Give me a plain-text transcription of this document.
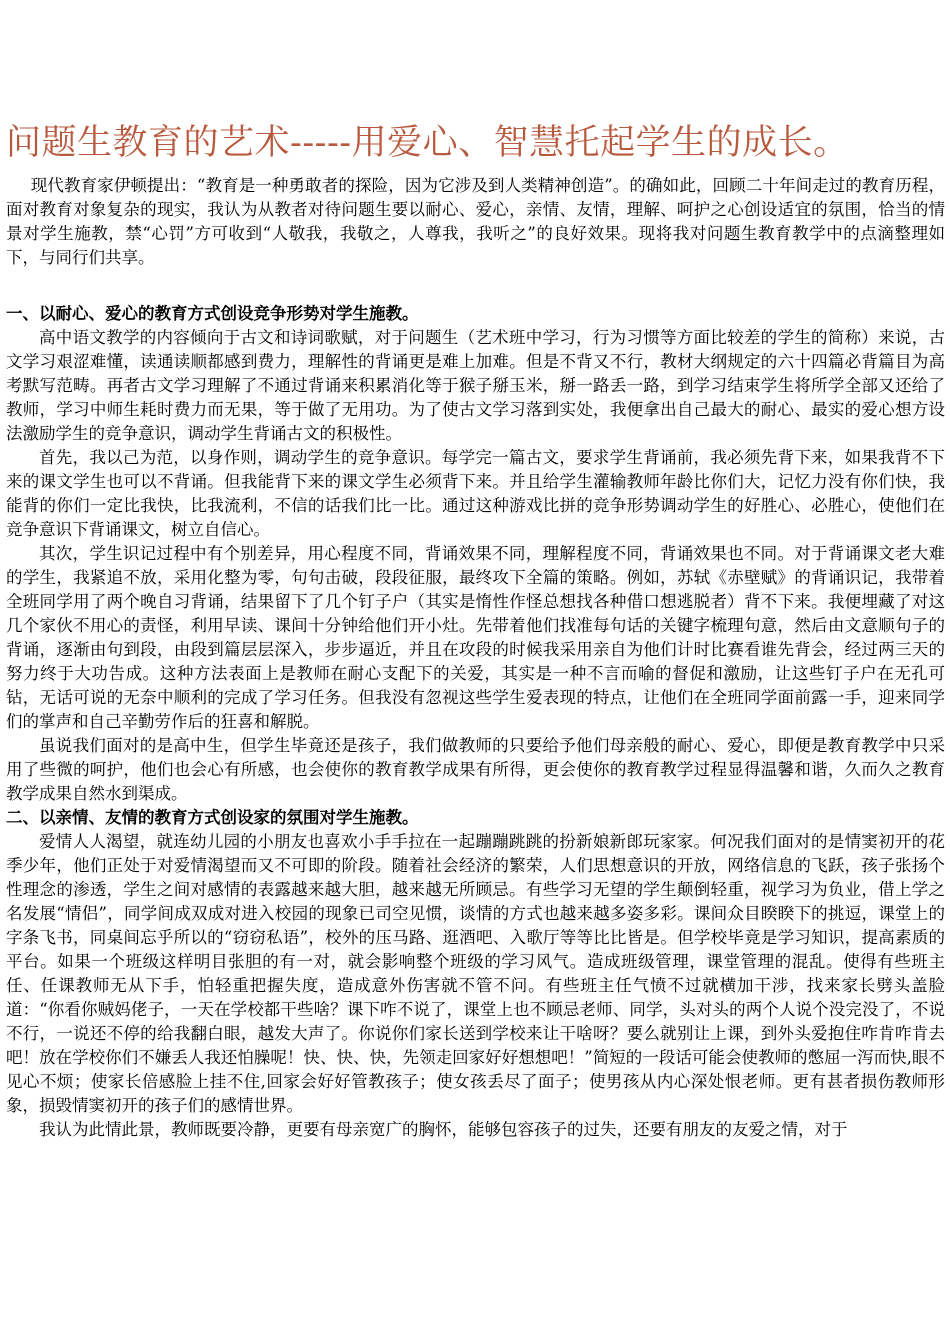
问题生教育的艺术-----用爱心、智慧托起学生的成长。

现代教育家伊顿提出：“教育是一种勇敢者的探险，因为它涉及到人类精神创造”。的确如此，回顾二十年间走过的教育历程，面对教育对象复杂的现实，我认为从教者对待问题生要以耐心、爱心，亲情、友情，理解、呵护之心创设适宜的氛围，恰当的情景对学生施教，禁“心罚”方可收到“人敬我，我敬之，人尊我，我听之”的良好效果。现将我对问题生教育教学中的点滴整理如下，与同行们共享。

一、以耐心、爱心的教育方式创设竞争形势对学生施教。

高中语文教学的内容倾向于古文和诗词歌赋，对于问题生（艺术班中学习，行为习惯等方面比较差的学生的简称）来说，古文学习艰涩难懂，读通读顺都感到费力，理解性的背诵更是难上加难。但是不背又不行，教材大纲规定的六十四篇必背篇目为高考默写范畴。再者古文学习理解了不通过背诵来积累消化等于猴子掰玉米，掰一路丢一路，到学习结束学生将所学全部又还给了教师，学习中师生耗时费力而无果，等于做了无用功。为了使古文学习落到实处，我便拿出自己最大的耐心、最实的爱心想方设法激励学生的竞争意识，调动学生背诵古文的积极性。

首先，我以己为范，以身作则，调动学生的竞争意识。每学完一篇古文，要求学生背诵前，我必须先背下来，如果我背不下来的课文学生也可以不背诵。但我能背下来的课文学生必须背下来。并且给学生灌输教师年龄比你们大，记忆力没有你们快，我能背的你们一定比我快，比我流利，不信的话我们比一比。通过这种游戏比拼的竞争形势调动学生的好胜心、必胜心，使他们在竞争意识下背诵课文，树立自信心。

其次，学生识记过程中有个别差异，用心程度不同，背诵效果不同，理解程度不同，背诵效果也不同。对于背诵课文老大难的学生，我紧追不放，采用化整为零，句句击破，段段征服，最终攻下全篇的策略。例如，苏轼《赤壁赋》的背诵识记，我带着全班同学用了两个晚自习背诵，结果留下了几个钉子户（其实是惰性作怪总想找各种借口想逃脱者）背不下来。我便埋藏了对这几个家伙不用心的责怪，利用早读、课间十分钟给他们开小灶。先带着他们找准每句话的关键字梳理句意，然后由文意顺句子的背诵，逐渐由句到段，由段到篇层层深入，步步逼近，并且在攻段的时候我采用亲自为他们计时比赛看谁先背会，经过两三天的努力终于大功告成。这种方法表面上是教师在耐心支配下的关爱，其实是一种不言而喻的督促和激励，让这些钉子户在无孔可钻，无话可说的无奈中顺利的完成了学习任务。但我没有忽视这些学生爱表现的特点，让他们在全班同学面前露一手，迎来同学们的掌声和自己辛勤劳作后的狂喜和解脱。

虽说我们面对的是高中生，但学生毕竟还是孩子，我们做教师的只要给予他们母亲般的耐心、爱心，即便是教育教学中只采用了些微的呵护，他们也会心有所感，也会使你的教育教学成果有所得，更会使你的教育教学过程显得温馨和谐，久而久之教育教学成果自然水到渠成。

二、以亲情、友情的教育方式创设家的氛围对学生施教。

爱情人人渴望，就连幼儿园的小朋友也喜欢小手手拉在一起蹦蹦跳跳的扮新娘新郎玩家家。何况我们面对的是情窦初开的花季少年，他们正处于对爱情渴望而又不可即的阶段。随着社会经济的繁荣，人们思想意识的开放，网络信息的飞跃，孩子张扬个性理念的渗透，学生之间对感情的表露越来越大胆，越来越无所顾忌。有些学习无望的学生颠倒轻重，视学习为负业，借上学之名发展“情侣”，同学间成双成对进入校园的现象已司空见惯，谈情的方式也越来越多姿多彩。课间众目睽睽下的挑逗，课堂上的字条飞书，同桌间忘乎所以的“窃窃私语”，校外的压马路、逛酒吧、入歌厅等等比比皆是。但学校毕竟是学习知识，提高素质的平台。如果一个班级这样明目张胆的有一对，就会影响整个班级的学习风气。造成班级管理，课堂管理的混乱。使得有些班主任、任课教师无从下手，怕轻重把握失度，造成意外伤害就不管不问。有些班主任气愤不过就横加干涉，找来家长劈头盖脸道：“你看你贼妈佬子，一天在学校都干些啥？课下咋不说了，课堂上也不顾忌老师、同学，头对头的两个人说个没完没了，不说不行，一说还不停的给我翻白眼，越发大声了。你说你们家长送到学校来让干啥呀？要么就别让上课，到外头爱抱住咋肯咋肯去吧！放在学校你们不嫌丢人我还怕臊呢！快、快、快，先领走回家好好想想吧！”简短的一段话可能会使教师的憋屈一泻而快,眼不见心不烦；使家长倍感脸上挂不住,回家会好好管教孩子；使女孩丢尽了面子；使男孩从内心深处恨老师。更有甚者损伤教师形象，损毁情窦初开的孩子们的感情世界。

我认为此情此景，教师既要冷静，更要有母亲宽广的胸怀，能够包容孩子的过失，还要有朋友的友爱之情，对于
